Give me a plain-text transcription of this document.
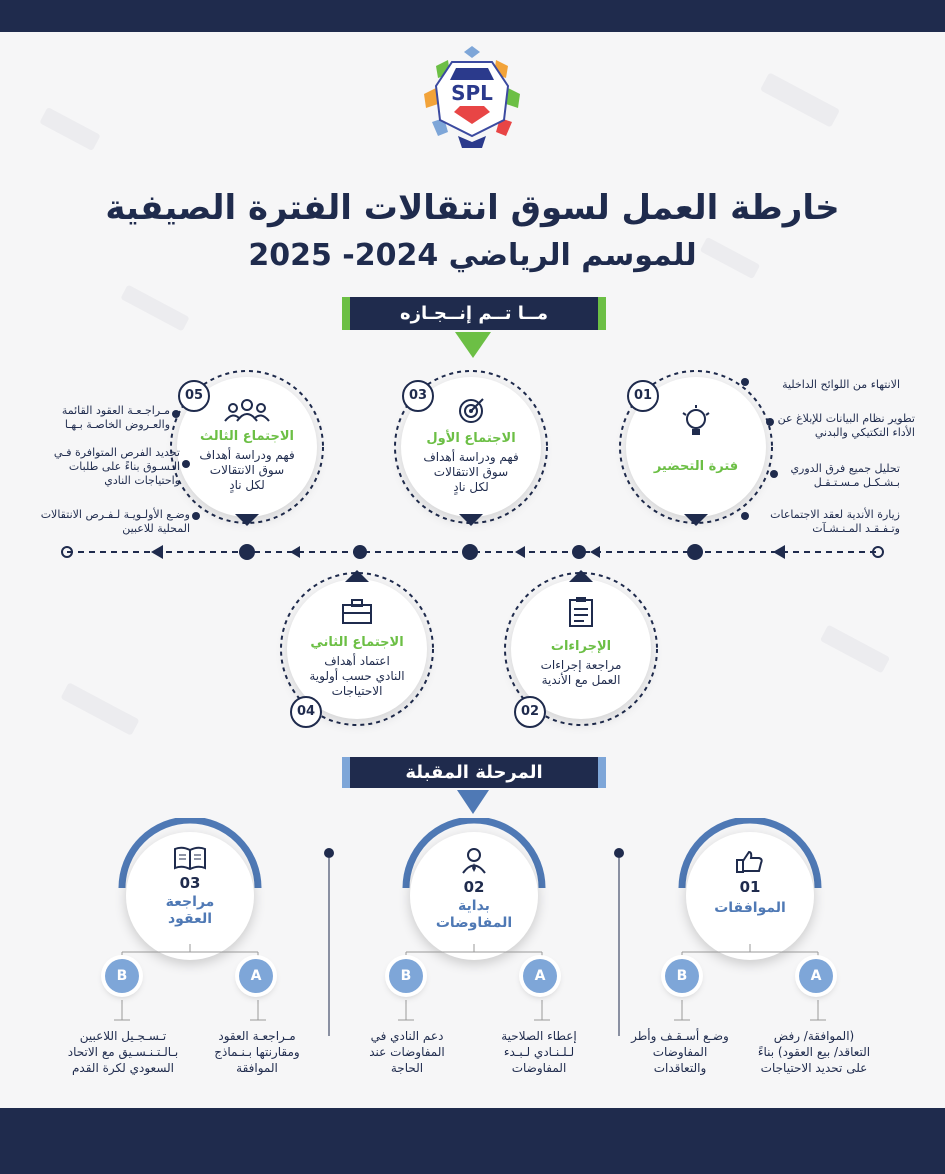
SPL
خارطة العمل لسوق انتقالات الفترة الصيفية
للموسم الرياضي 2024- 2025
مــا تــم إنــجـازه
فترة التحضير
01
الانتهاء من اللوائح الداخلية
تطوير نظام البيانات للإبلاغ عن الأداء التكتيكي والبدني
تحليل جميع فرق الدوري بـشـكـل مـسـتـقـل
زيارة الأندية لعقد الاجتماعات وتـفـقـد المـنـشـآت
الاجتماع الأول
فهم ودراسة أهداف سوق الانتقالات لكل نادٍ
03
الاجتماع الثالث
فهم ودراسة أهداف سوق الانتقالات لكل نادٍ
05
مـراجـعـة العقود القائمة والعـروض الخاصـة بـهـا
تحديد الفرص المتوافرة فـي الـسـوق بناءً على طلبات واحتياجات النادي
وضـع الأولـويـة لـفـرص الانتقالات المحلية للاعبين
الإجراءات
مراجعة إجراءات العمل مع الأندية
02
الاجتماع الثاني
اعتماد أهداف النادي حسب أولوية الاحتياجات
04
المرحلة المقبلة
01
الموافقات
A
B
(الموافقة/ رفض التعاقد/ بيع العقود) بناءً على تحديد الاحتياجات
وضـع أسـقـف وأطر المفاوضات والتعاقدات
02
بداية المفاوضات
A
B
إعطاء الصلاحية لـلـنـادي لـبـدء المفاوضات
دعم النادي في المفاوضات عند الحاجة
03
مراجعة العقود
A
B
مـراجعـة العقود ومقارنتها بـنـماذج الموافقة
تـسـجـيل اللاعبين بـالـتـنـسـيق مع الاتحاد السعودي لكرة القدم
